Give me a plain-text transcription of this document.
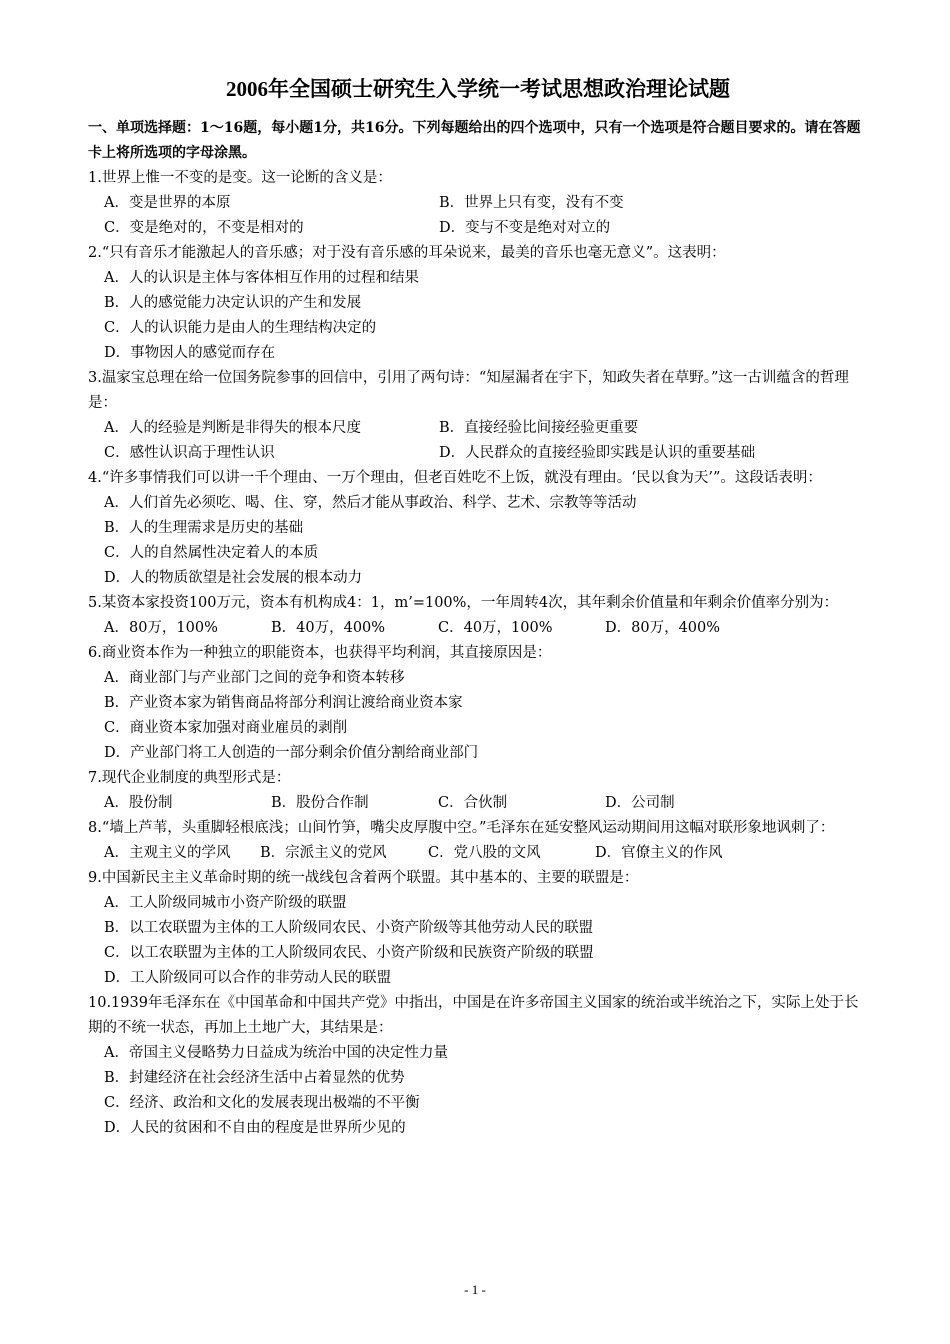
2006年全国硕士研究生入学统一考试思想政治理论试题

一、单项选择题：1～16题，每小题1分，共16分。下列每题给出的四个选项中，只有一个选项是符合题目要求的。请在答题卡上将所选项的字母涂黑。

1.世界上惟一不变的是变。这一论断的含义是：

A．变是世界的本原	B．世界上只有变，没有不变
C．变是绝对的，不变是相对的	D．变与不变是绝对对立的

2.“只有音乐才能激起人的音乐感；对于没有音乐感的耳朵说来，最美的音乐也毫无意义”。这表明：

A．人的认识是主体与客体相互作用的过程和结果

B．人的感觉能力决定认识的产生和发展

C．人的认识能力是由人的生理结构决定的

D．事物因人的感觉而存在

3.温家宝总理在给一位国务院参事的回信中，引用了两句诗：“知屋漏者在宇下，知政失者在草野。”这一古训蕴含的哲理是：

A．人的经验是判断是非得失的根本尺度	B．直接经验比间接经验更重要
C．感性认识高于理性认识	D．人民群众的直接经验即实践是认识的重要基础

4.“许多事情我们可以讲一千个理由、一万个理由，但老百姓吃不上饭，就没有理由。‘民以食为天’”。这段话表明：

A．人们首先必须吃、喝、住、穿，然后才能从事政治、科学、艺术、宗教等等活动

B．人的生理需求是历史的基础

C．人的自然属性决定着人的本质

D．人的物质欲望是社会发展的根本动力

5.某资本家投资100万元，资本有机构成4：1，m’=100%，一年周转4次，其年剩余价值量和年剩余价值率分别为：

A．80万，100%	B．40万，400%	C．40万，100%	D．80万，400%

6.商业资本作为一种独立的职能资本，也获得平均利润，其直接原因是：

A．商业部门与产业部门之间的竞争和资本转移

B．产业资本家为销售商品将部分利润让渡给商业资本家

C．商业资本家加强对商业雇员的剥削

D．产业部门将工人创造的一部分剩余价值分割给商业部门

7.现代企业制度的典型形式是：

A．股份制	B．股份合作制	C．合伙制	D．公司制

8.“墙上芦苇，头重脚轻根底浅；山间竹笋，嘴尖皮厚腹中空。”毛泽东在延安整风运动期间用这幅对联形象地讽刺了：

A．主观主义的学风	B．宗派主义的党风	C．党八股的文风	D．官僚主义的作风

9.中国新民主主义革命时期的统一战线包含着两个联盟。其中基本的、主要的联盟是：

A．工人阶级同城市小资产阶级的联盟

B．以工农联盟为主体的工人阶级同农民、小资产阶级等其他劳动人民的联盟

C．以工农联盟为主体的工人阶级同农民、小资产阶级和民族资产阶级的联盟

D．工人阶级同可以合作的非劳动人民的联盟

10.1939年毛泽东在《中国革命和中国共产党》中指出，中国是在许多帝国主义国家的统治或半统治之下，实际上处于长期的不统一状态，再加上土地广大，其结果是：

A．帝国主义侵略势力日益成为统治中国的决定性力量

B．封建经济在社会经济生活中占着显然的优势

C．经济、政治和文化的发展表现出极端的不平衡

D．人民的贫困和不自由的程度是世界所少见的

- 1 -
